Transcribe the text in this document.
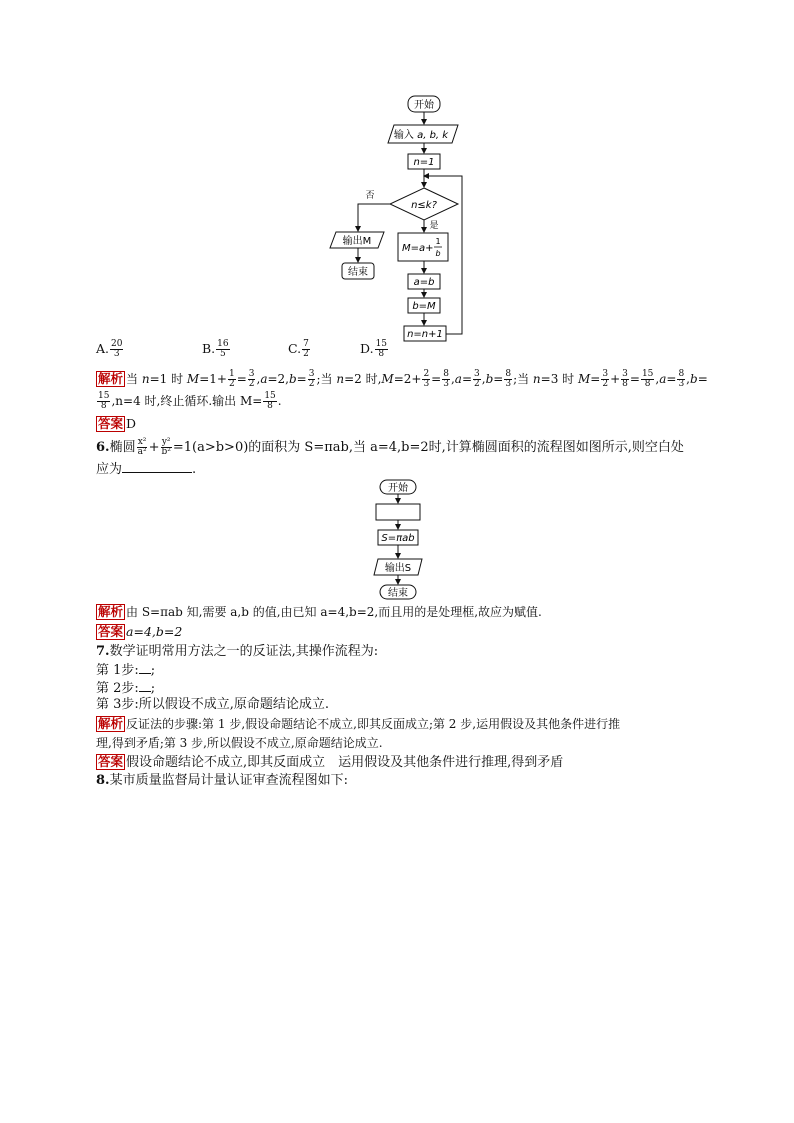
开始
输入 a, b, k
n=1
n≤k?
否
输出M
结束
是
M=a+
1
b
a=b
b=M
n=n+1
A. $\frac{20}{3}$	B. $\frac{16}{5}$	C. $\frac{7}{2}$	D. $\frac{15}{8}$
解析 当 n=1 时 $M=1+ \frac{1}{2} = \frac{3}{2} ,a=2,b= \frac{3}{2}$ ;当 n=2 时$,M=2+ \frac{2}{3} = \frac{8}{3} ,a= \frac{3}{2} ,b= \frac{8}{3}$ ;当 n=3 时 $M= \frac{3}{2} + \frac{3}{8} = \frac{15}{8} ,a= \frac{8}{3} ,b=$
$\frac{15}{8} ,n=4$ 时,终止循环.输出 $M= \frac{15}{8}$ .
答案 D
6.椭圆 $\frac{\text{x²}}{\text{a²}} + \frac{\text{y²}}{\text{b²}} =1(a>b>0)$的面积为 S=πab,当 a=4,b=2时,计算椭圆面积的流程图如图所示,则空白处
应为	.
开始
S=πab
输出S
结束
解析 由 S=πab 知,需要 a,b 的值,由已知 a=4,b=2,而且用的是处理框,故应为赋值.
答案 a=4,b=2
7.数学证明常用方法之一的反证法,其操作流程为:
第 1步: ;
第 2步: ;
第 3步:所以假设不成立,原命题结论成立.
解析 反证法的步骤:第 1 步,假设命题结论不成立,即其反面成立;第 2 步,运用假设及其他条件进行推
理,得到矛盾;第 3 步,所以假设不成立,原命题结论成立.
答案 假设命题结论不成立,即其反面成立　运用假设及其他条件进行推理,得到矛盾
8.某市质量监督局计量认证审查流程图如下:
